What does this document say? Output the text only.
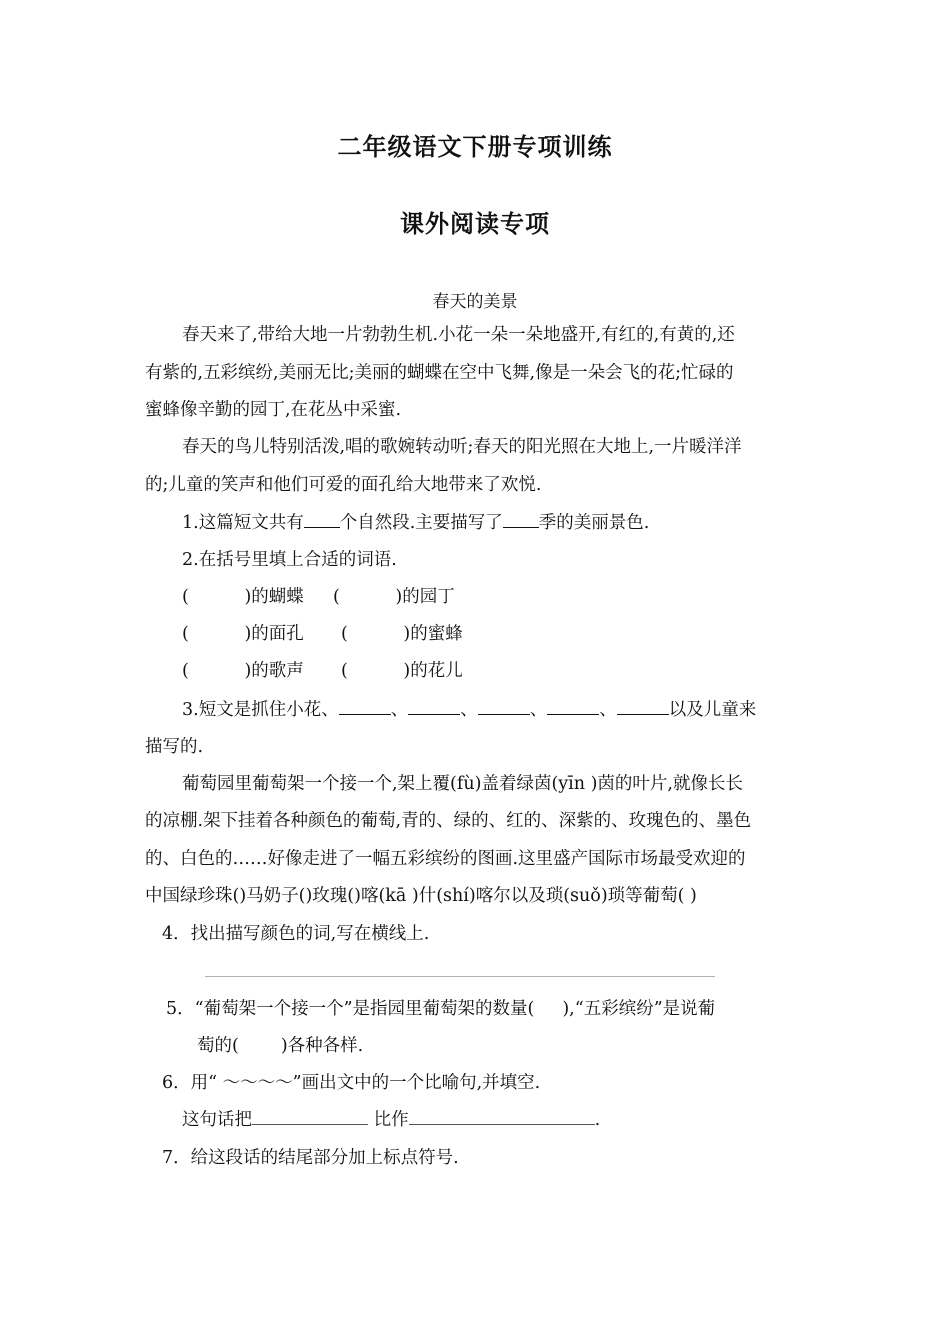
二年级语文下册专项训练
课外阅读专项
春天的美景
春天来了,带给大地一片勃勃生机.小花一朵一朵地盛开,有红的,有黄的,还
有紫的,五彩缤纷,美丽无比;美丽的蝴蝶在空中飞舞,像是一朵会飞的花;忙碌的
蜜蜂像辛勤的园丁,在花丛中采蜜.
春天的鸟儿特别活泼,唱的歌婉转动听;春天的阳光照在大地上,一片暖洋洋
的;儿童的笑声和他们可爱的面孔给大地带来了欢悦.
1.这篇短文共有 个自然段.主要描写了 季的美丽景色.
2.在括号里填上合适的词语.
(          )的蝴蝶 (          )的园丁
(          )的面孔 (          )的蜜蜂
(          )的歌声 (          )的花儿
3.短文是抓住小花、	、	、	、	、	以及儿童来
描写的.
葡萄园里葡萄架一个接一个,架上覆(fù)盖着绿茵(yīn )茵的叶片,就像长长
的凉棚.架下挂着各种颜色的葡萄,青的、绿的、红的、深紫的、玫瑰色的、墨色
的、白色的……好像走进了一幅五彩缤纷的图画.这里盛产国际市场最受欢迎的
中国绿珍珠()马奶子()玫瑰()喀(kā )什(shí)喀尔以及琐(suǒ)琐等葡萄( )
4．找出描写颜色的词,写在横线上.
5．“葡萄架一个接一个”是指园里葡萄架的数量( ),“五彩缤纷”是说葡
萄的( )各种各样.
6．用“ ～～～～”画出文中的一个比喻句,并填空.
这句话把	比作	.
7．给这段话的结尾部分加上标点符号.
